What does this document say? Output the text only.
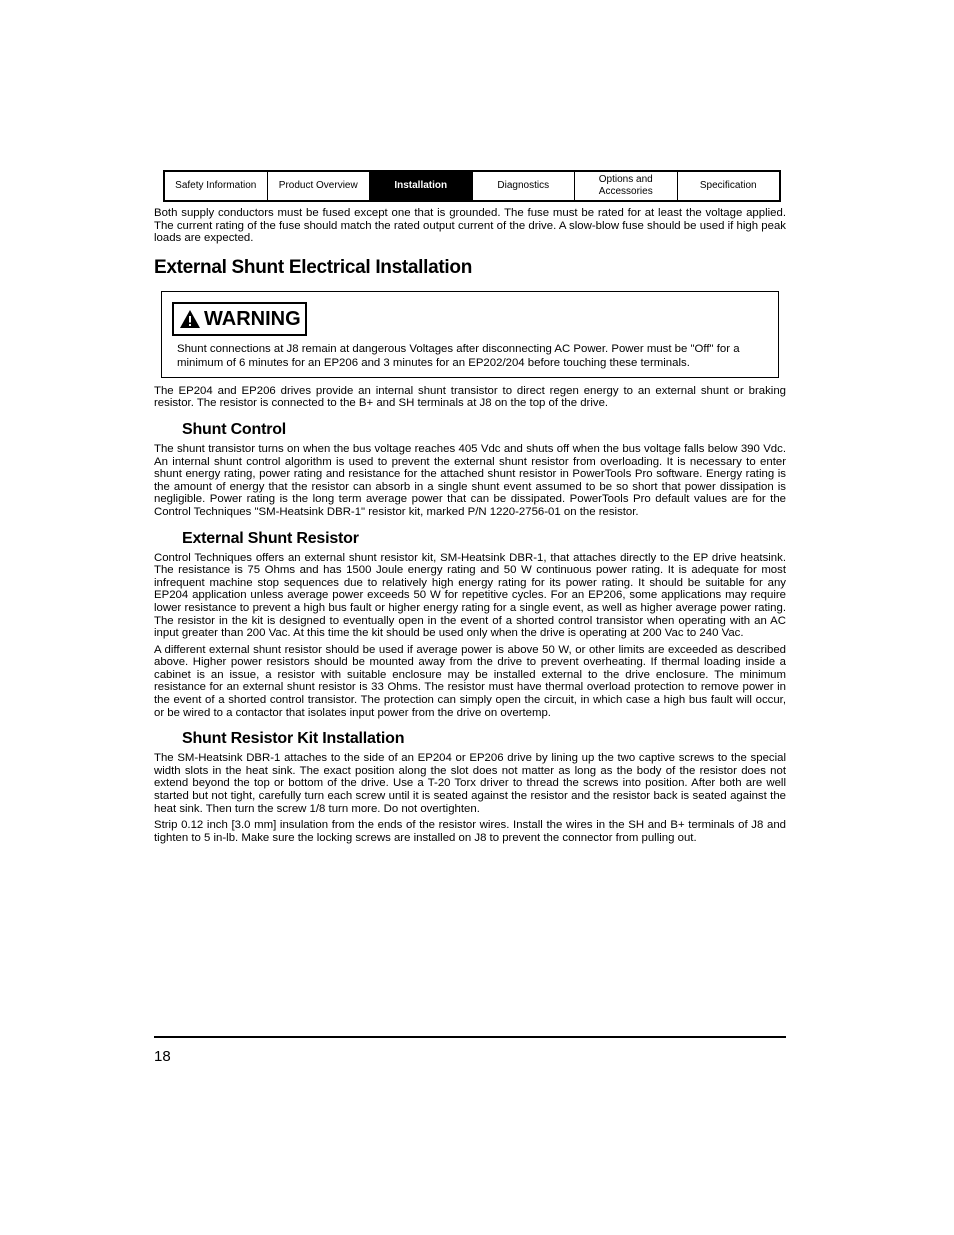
Safety Information	Product Overview	Installation	Diagnostics
Options and
Accessories
Specification

Both supply conductors must be fused except one that is grounded. The fuse must be rated for at least the voltage applied. The current rating of the fuse should match the rated output current of the drive. A slow-blow fuse should be used if high peak loads are expected.

External Shunt Electrical Installation
WARNING

Shunt connections at J8 remain at dangerous Voltages after disconnecting AC Power. Power must be "Off" for a minimum of 6 minutes for an EP206 and 3 minutes for an EP202/204 before touching these terminals.

The EP204 and EP206 drives provide an internal shunt transistor to direct regen energy to an external shunt or braking resistor. The resistor is connected to the B+ and SH terminals at J8 on the top of the drive.

Shunt Control

The shunt transistor turns on when the bus voltage reaches 405 Vdc and shuts off when the bus voltage falls below 390 Vdc. An internal shunt control algorithm is used to prevent the external shunt resistor from overloading. It is necessary to enter shunt energy rating, power rating and resistance for the attached shunt resistor in PowerTools Pro software. Energy rating is the amount of energy that the resistor can absorb in a single shunt event assumed to be so short that power dissipation is negligible. Power rating is the long term average power that can be dissipated. PowerTools Pro default values are for the Control Techniques "SM-Heatsink DBR-1" resistor kit, marked P/N 1220-2756-01 on the resistor.

External Shunt Resistor

Control Techniques offers an external shunt resistor kit, SM-Heatsink DBR-1, that attaches directly to the EP drive heatsink. The resistance is 75 Ohms and has 1500 Joule energy rating and 50 W continuous power rating. It is adequate for most infrequent machine stop sequences due to relatively high energy rating for its power rating. It should be suitable for any EP204 application unless average power exceeds 50 W for repetitive cycles. For an EP206, some applications may require lower resistance to prevent a high bus fault or higher energy rating for a single event, as well as higher average power rating. The resistor in the kit is designed to eventually open in the event of a shorted control transistor when operating with an AC input greater than 200 Vac. At this time the kit should be used only when the drive is operating at 200 Vac to 240 Vac.

A different external shunt resistor should be used if average power is above 50 W, or other limits are exceeded as described above. Higher power resistors should be mounted away from the drive to prevent overheating. If thermal loading inside a cabinet is an issue, a resistor with suitable enclosure may be installed external to the drive enclosure. The minimum resistance for an external shunt resistor is 33 Ohms. The resistor must have thermal overload protection to remove power in the event of a shorted control transistor. The protection can simply open the circuit, in which case a high bus fault will occur, or be wired to a contactor that isolates input power from the drive on overtemp.

Shunt Resistor Kit Installation

The SM-Heatsink DBR-1 attaches to the side of an EP204 or EP206 drive by lining up the two captive screws to the special width slots in the heat sink. The exact position along the slot does not matter as long as the body of the resistor does not extend beyond the top or bottom of the drive. Use a T-20 Torx driver to thread the screws into position. After both are well started but not tight, carefully turn each screw until it is seated against the resistor and the resistor back is seated against the heat sink. Then turn the screw 1/8 turn more. Do not overtighten.

Strip 0.12 inch [3.0 mm] insulation from the ends of the resistor wires. Install the wires in the SH and B+ terminals of J8 and tighten to 5 in-lb. Make sure the locking screws are installed on J8 to prevent the connector from pulling out.

18
